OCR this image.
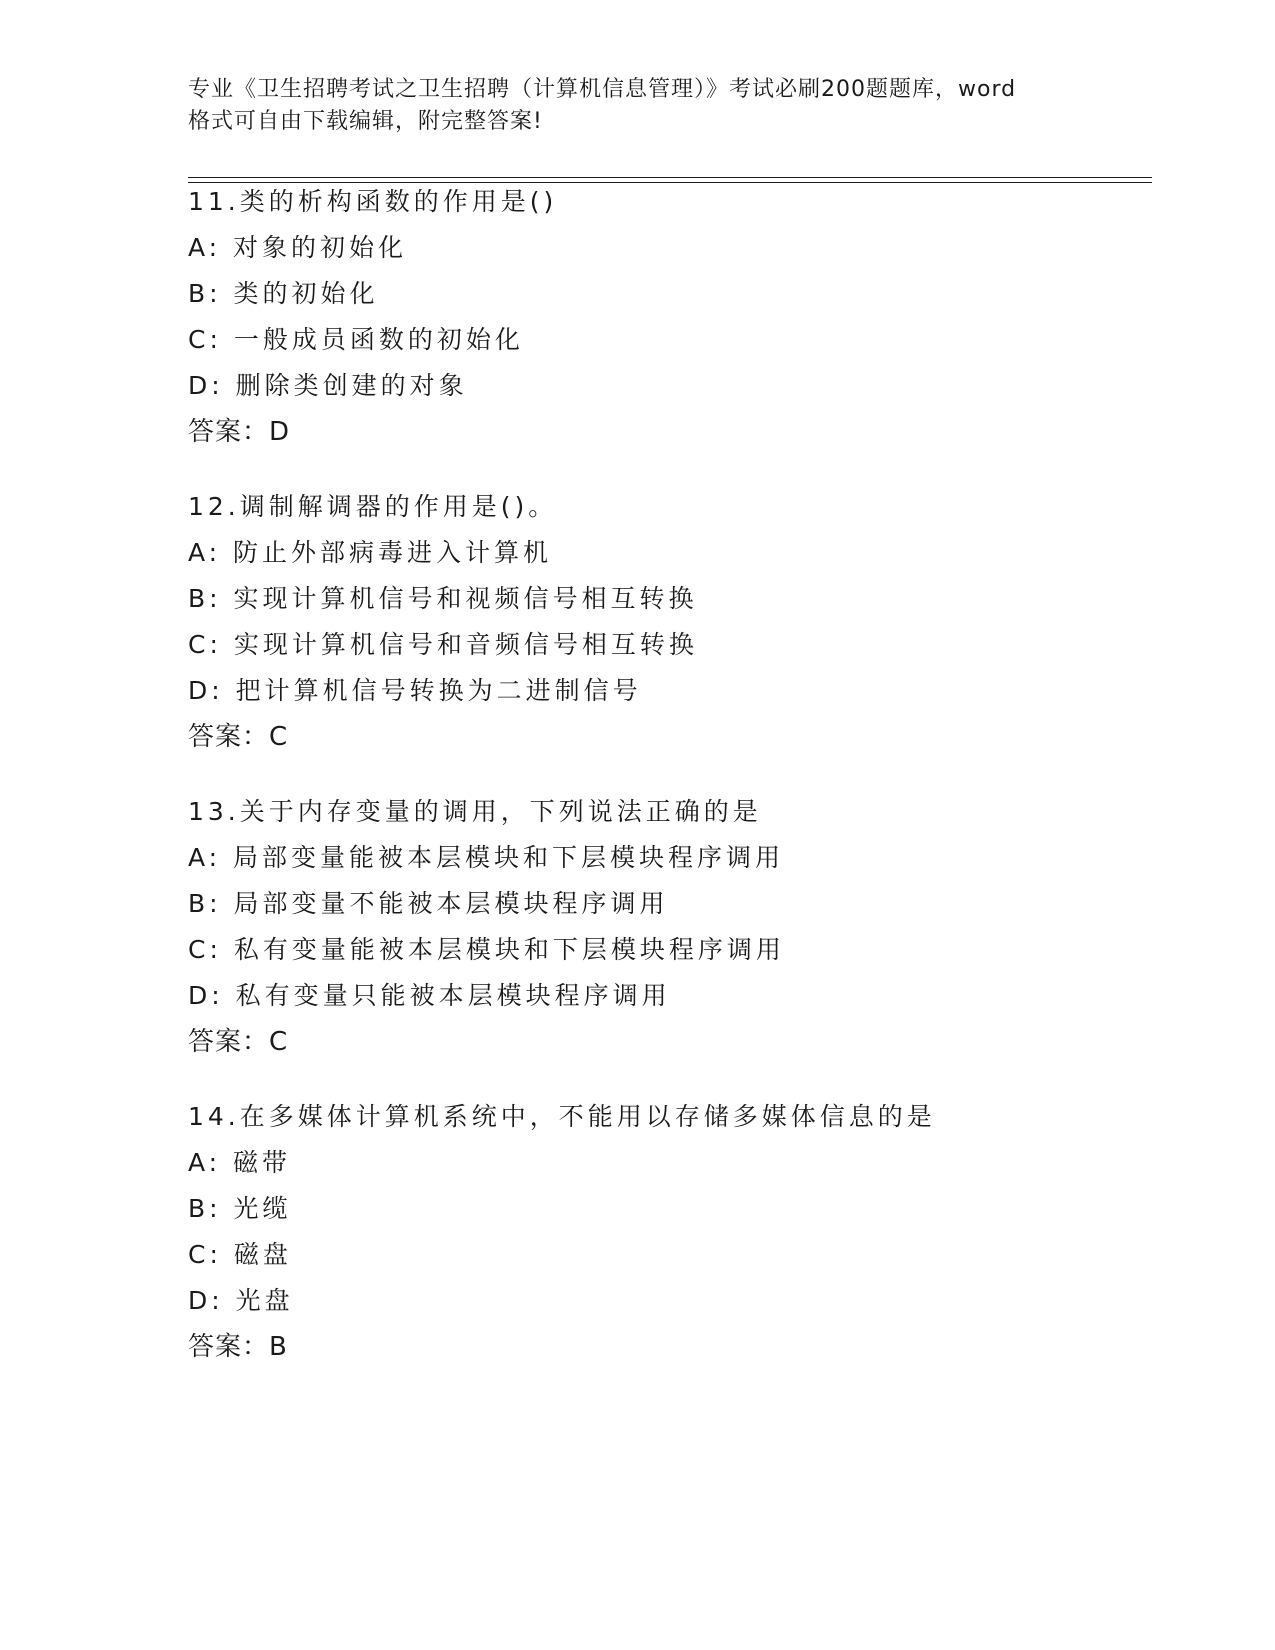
专业《卫生招聘考试之卫生招聘（计算机信息管理）》考试必刷200题题库，word
格式可自由下载编辑，附完整答案!
11.类的析构函数的作用是()
A: 对象的初始化
B: 类的初始化
C: 一般成员函数的初始化
D: 删除类创建的对象
答案：D
12.调制解调器的作用是()。
A: 防止外部病毒进入计算机
B: 实现计算机信号和视频信号相互转换
C: 实现计算机信号和音频信号相互转换
D: 把计算机信号转换为二进制信号
答案：C
13.关于内存变量的调用，下列说法正确的是
A: 局部变量能被本层模块和下层模块程序调用
B: 局部变量不能被本层模块程序调用
C: 私有变量能被本层模块和下层模块程序调用
D: 私有变量只能被本层模块程序调用
答案：C
14.在多媒体计算机系统中，不能用以存储多媒体信息的是
A: 磁带
B: 光缆
C: 磁盘
D: 光盘
答案：B
